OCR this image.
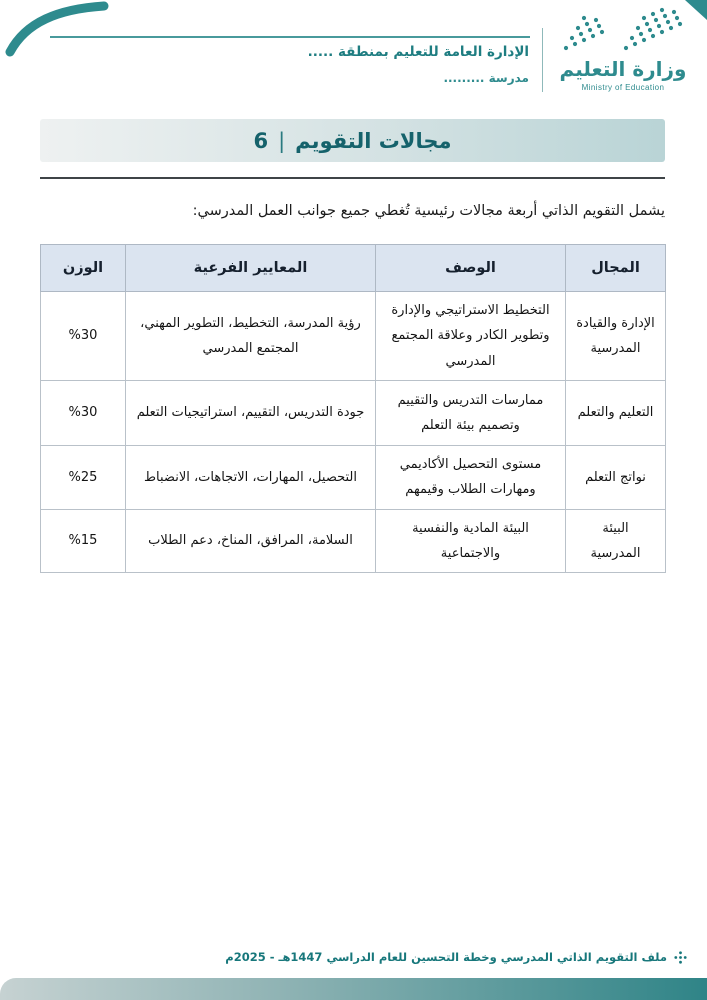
وزارة التعليم
Ministry of Education
الإدارة العامة للتعليم بمنطقة .....
مدرسة .........
مجالات التقويم
|
6

يشمل التقويم الذاتي أربعة مجالات رئيسية تُغطي جميع جوانب العمل المدرسي:

المجال	الوصف	المعايير الفرعية	الوزن
الإدارة والقيادة المدرسية	التخطيط الاستراتيجي والإدارة وتطوير الكادر وعلاقة المجتمع المدرسي	رؤية المدرسة، التخطيط، التطوير المهني، المجتمع المدرسي	%30
التعليم والتعلم	ممارسات التدريس والتقييم وتصميم بيئة التعلم	جودة التدريس، التقييم، استراتيجيات التعلم	%30
نواتج التعلم	مستوى التحصيل الأكاديمي ومهارات الطلاب وقيمهم	التحصيل، المهارات، الاتجاهات، الانضباط	%25
البيئة المدرسية	البيئة المادية والنفسية والاجتماعية	السلامة، المرافق، المناخ، دعم الطلاب	%15
ملف التقويم الذاتي المدرسي وخطة التحسين للعام الدراسي 1447هـ - 2025م
